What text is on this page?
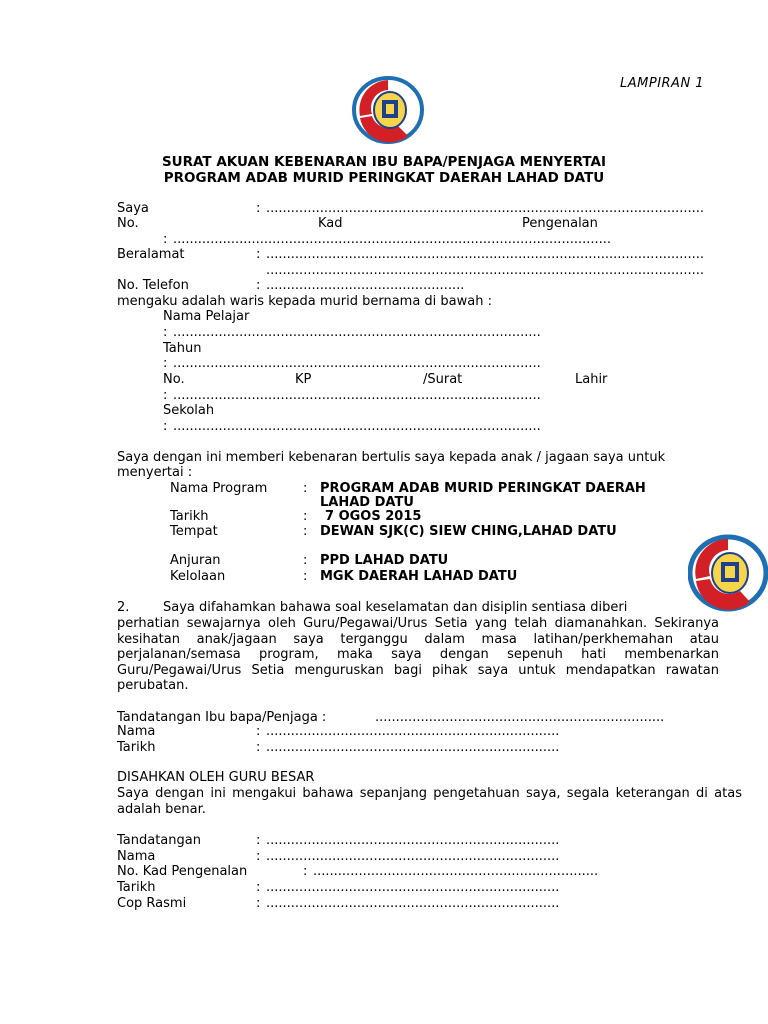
LAMPIRAN 1
SURAT AKUAN KEBENARAN IBU BAPA/PENJAGA MENYERTAI
PROGRAM ADAB MURID PERINGKAT DAERAH LAHAD DATU
Saya	: ..........................................................................................................
No.	Kad	Pengenalan
: ..........................................................................................................
Beralamat	: ..........................................................................................................
..........................................................................................................
No. Telefon	: ................................................
mengaku adalah waris kepada murid bernama di bawah :
Nama Pelajar
: .........................................................................................
Tahun
: .........................................................................................
No.	KP	/Surat	Lahir
: .........................................................................................
Sekolah
: .........................................................................................
Saya dengan ini memberi kebenaran bertulis saya kepada anak / jagaan saya untuk
menyertai :
Nama Program	: PROGRAM ADAB MURID PERINGKAT DAERAH
LAHAD DATU
Tarikh	: 7 OGOS 2015
Tempat	: DEWAN SJK(C) SIEW CHING,LAHAD DATU
Anjuran	: PPD LAHAD DATU
Kelolaan	: MGK DAERAH LAHAD DATU
2.	Saya difahamkan bahawa soal keselamatan dan disiplin sentiasa diberi
perhatian sewajarnya oleh Guru/Pegawai/Urus Setia yang telah diamanahkan. Sekiranya kesihatan anak/jagaan saya terganggu dalam masa latihan/perkhemahan atau perjalanan/semasa program, maka saya dengan sepenuh hati membenarkan Guru/Pegawai/Urus Setia menguruskan bagi pihak saya untuk mendapatkan rawatan perubatan.
Tandatangan Ibu bapa/Penjaga :	......................................................................
Nama	: .......................................................................
Tarikh	: .......................................................................
DISAHKAN OLEH GURU BESAR
Saya dengan ini mengakui bahawa sepanjang pengetahuan saya, segala keterangan di atas adalah benar.
Tandatangan	: .......................................................................
Nama	: .......................................................................
No. Kad Pengenalan	: .....................................................................
Tarikh	: .......................................................................
Cop Rasmi	: .......................................................................
